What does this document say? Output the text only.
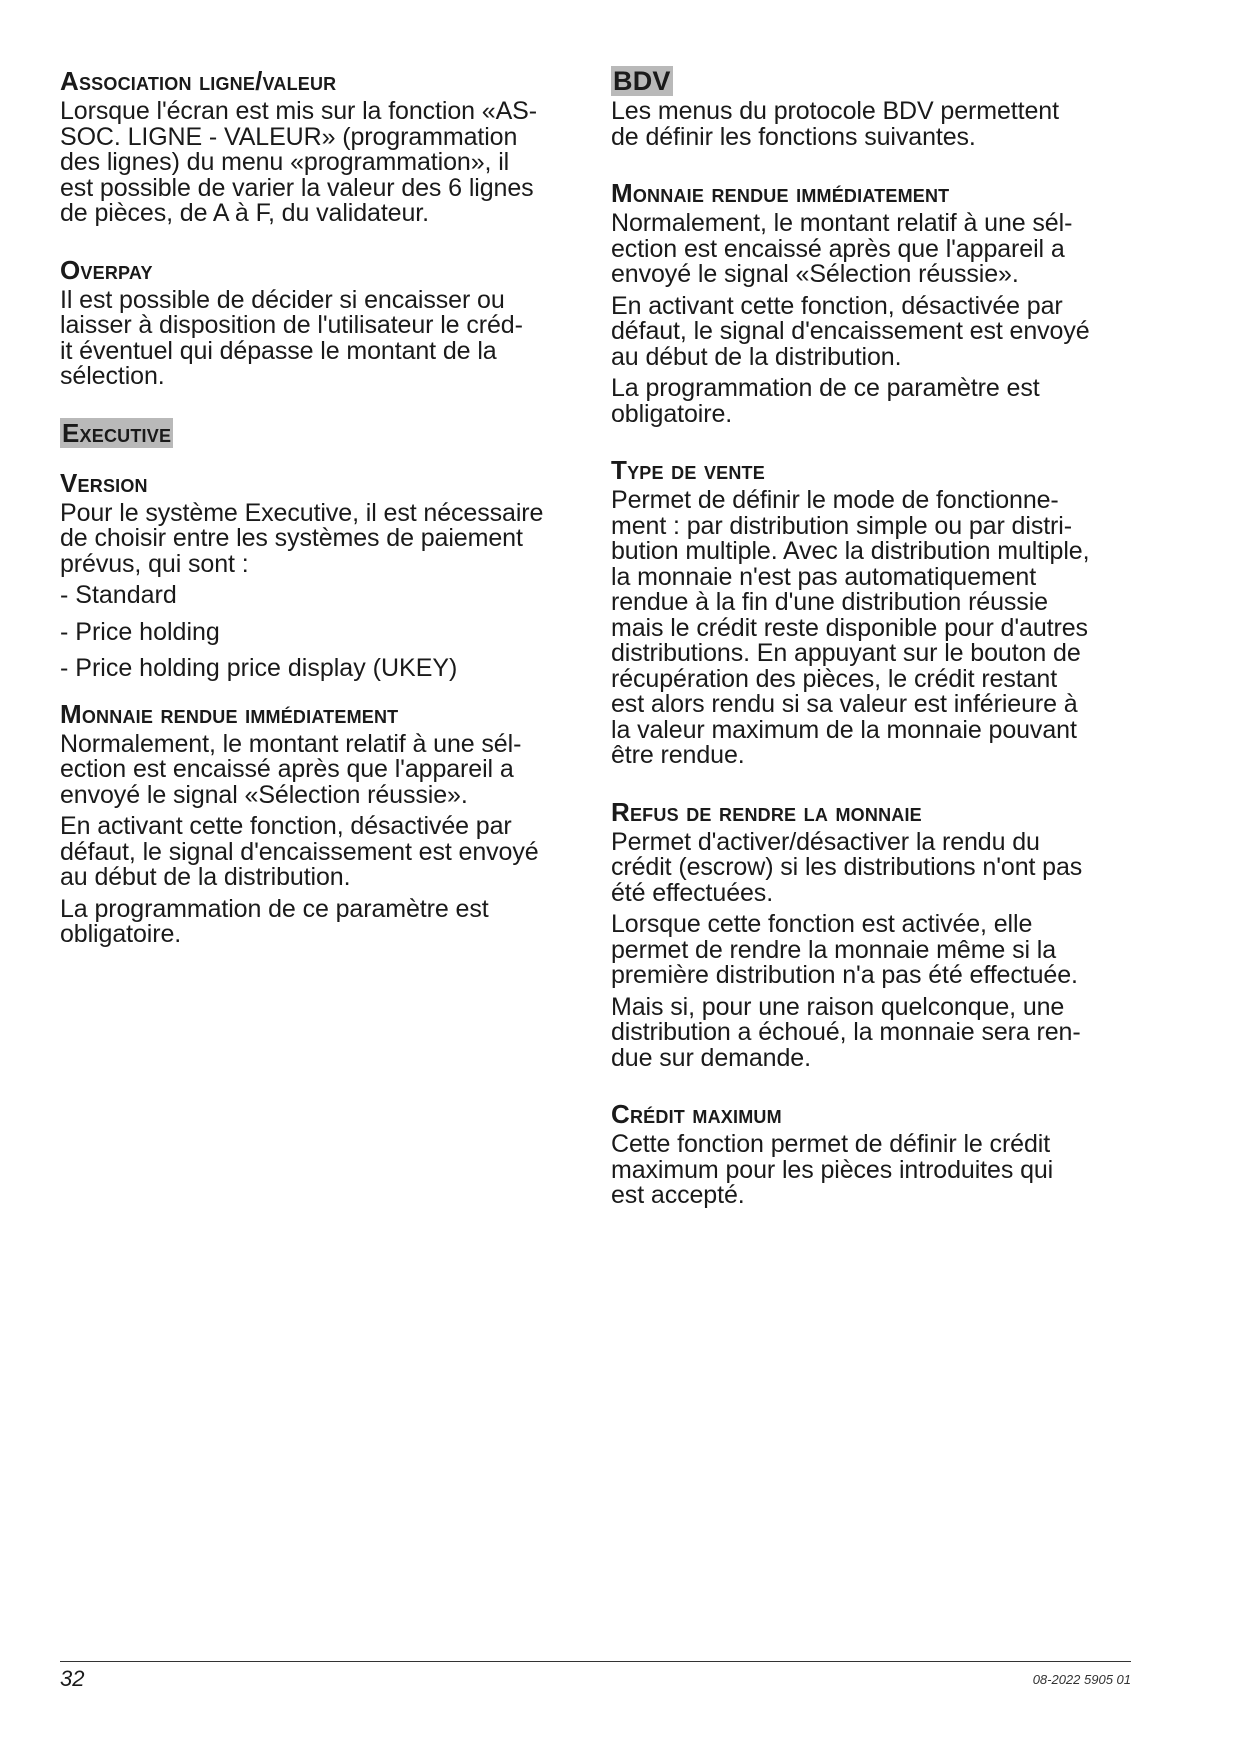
Association ligne/valeur

Lorsque l'écran est mis sur la fonction «AS-

SOC. LIGNE - VALEUR» (programmation

des lignes) du menu «programmation», il

est possible de varier la valeur des 6 lignes

de pièces, de A à F, du validateur.

Overpay

Il est possible de décider si encaisser ou

laisser à disposition de l'utilisateur le créd-

it éventuel qui dépasse le montant de la

sélection.

Executive
Version

Pour le système Executive, il est nécessaire

de choisir entre les systèmes de paiement

prévus, qui sont :

- Standard

- Price holding

- Price holding price display (UKEY)

Monnaie rendue immédiatement

Normalement, le montant relatif à une sél-

ection est encaissé après que l'appareil a

envoyé le signal «Sélection réussie».

En activant cette fonction, désactivée par

défaut, le signal d'encaissement est envoyé

au début de la distribution.

La programmation de ce paramètre est

obligatoire.

BDV

Les menus du protocole BDV permettent

de définir les fonctions suivantes.

Monnaie rendue immédiatement

Normalement, le montant relatif à une sél-

ection est encaissé après que l'appareil a

envoyé le signal «Sélection réussie».

En activant cette fonction, désactivée par

défaut, le signal d'encaissement est envoyé

au début de la distribution.

La programmation de ce paramètre est

obligatoire.

Type de vente

Permet de définir le mode de fonctionne-

ment : par distribution simple ou par distri-

bution multiple. Avec la distribution multiple,

la monnaie n'est pas automatiquement

rendue à la fin d'une distribution réussie

mais le crédit reste disponible pour d'autres

distributions. En appuyant sur le bouton de

récupération des pièces, le crédit restant

est alors rendu si sa valeur est inférieure à

la valeur maximum de la monnaie pouvant

être rendue.

Refus de rendre la monnaie

Permet d'activer/désactiver la rendu du

crédit (escrow) si les distributions n'ont pas

été effectuées.

Lorsque cette fonction est activée, elle

permet de rendre la monnaie même si la

première distribution n'a pas été effectuée.

Mais si, pour une raison quelconque, une

distribution a échoué, la monnaie sera ren-

due sur demande.

Crédit maximum

Cette fonction permet de définir le crédit

maximum pour les pièces introduites qui

est accepté.

32	08-2022 5905 01
